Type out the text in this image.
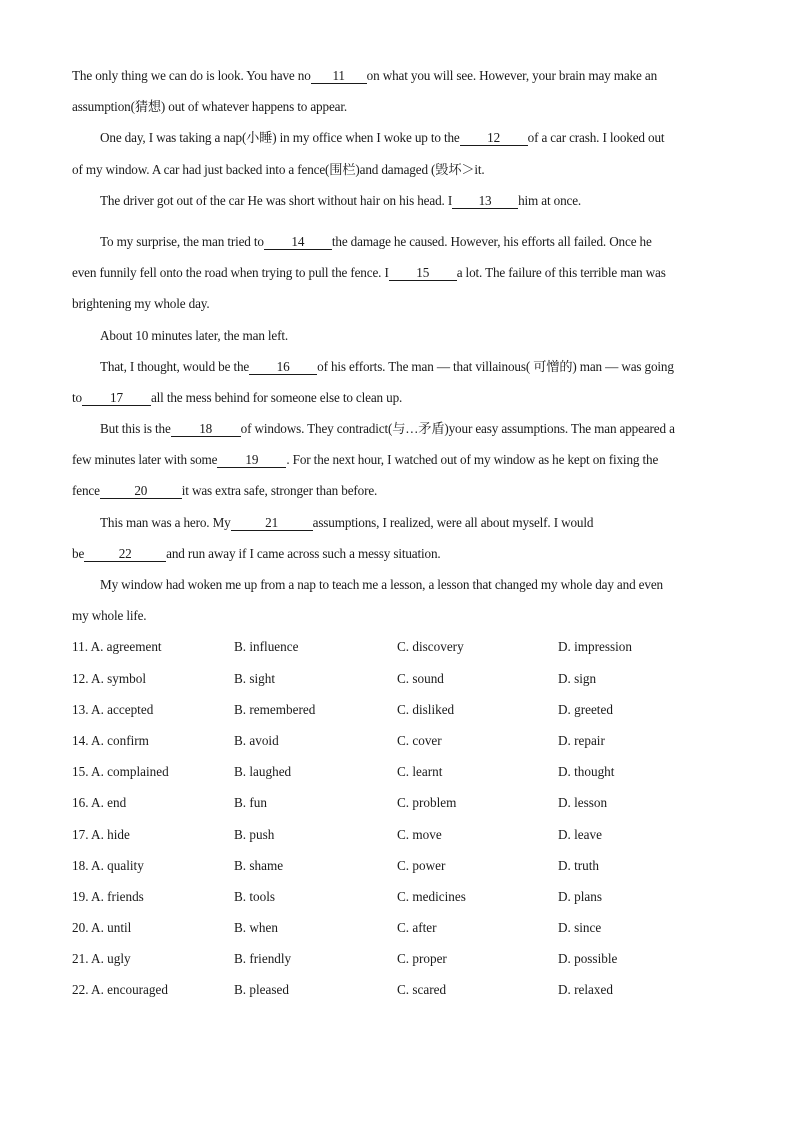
The only thing we can do is look. You have no 11 on what you will see. However, your brain may make an
assumption(猜想) out of whatever happens to appear.
One day, I was taking a nap(小睡) in my office when I woke up to the 12 of a car crash. I looked out
of my window. A car had just backed into a fence(围栏)and damaged (毁坏＞it.
The driver got out of the car He was short without hair on his head. I 13 him at once.
To my surprise, the man tried to 14 the damage he caused. However, his efforts all failed. Once he
even funnily fell onto the road when trying to pull the fence. I 15 a lot. The failure of this terrible man was
brightening my whole day.
About 10 minutes later, the man left.
That, I thought, would be the 16 of his efforts. The man — that villainous( 可憎的) man — was going
to 17 all the mess behind for someone else to clean up.
But this is the 18 of windows. They contradict(与…矛盾)your easy assumptions. The man appeared a
few minutes later with some 19 . For the next hour, I watched out of my window as he kept on fixing the
fence	20	it was extra safe, stronger than before.
This man was a hero. My	21	assumptions, I realized, were all about myself. I would
be	22	and run away if I came across such a messy situation.
My window had woken me up from a nap to teach me a lesson, a lesson that changed my whole day and even
my whole life.
11. A. agreement	B. influence	C. discovery	D. impression
12. A. symbol	B. sight	C. sound	D. sign
13. A. accepted	B. remembered	C. disliked	D. greeted
14. A. confirm	B. avoid	C. cover	D. repair
15. A. complained	B. laughed	C. learnt	D. thought
16. A. end	B. fun	C. problem	D. lesson
17. A. hide	B. push	C. move	D. leave
18. A. quality	B. shame	C. power	D. truth
19. A. friends	B. tools	C. medicines	D. plans
20. A. until	B. when	C. after	D. since
21. A. ugly	B. friendly	C. proper	D. possible
22. A. encouraged	B. pleased	C. scared	D. relaxed
